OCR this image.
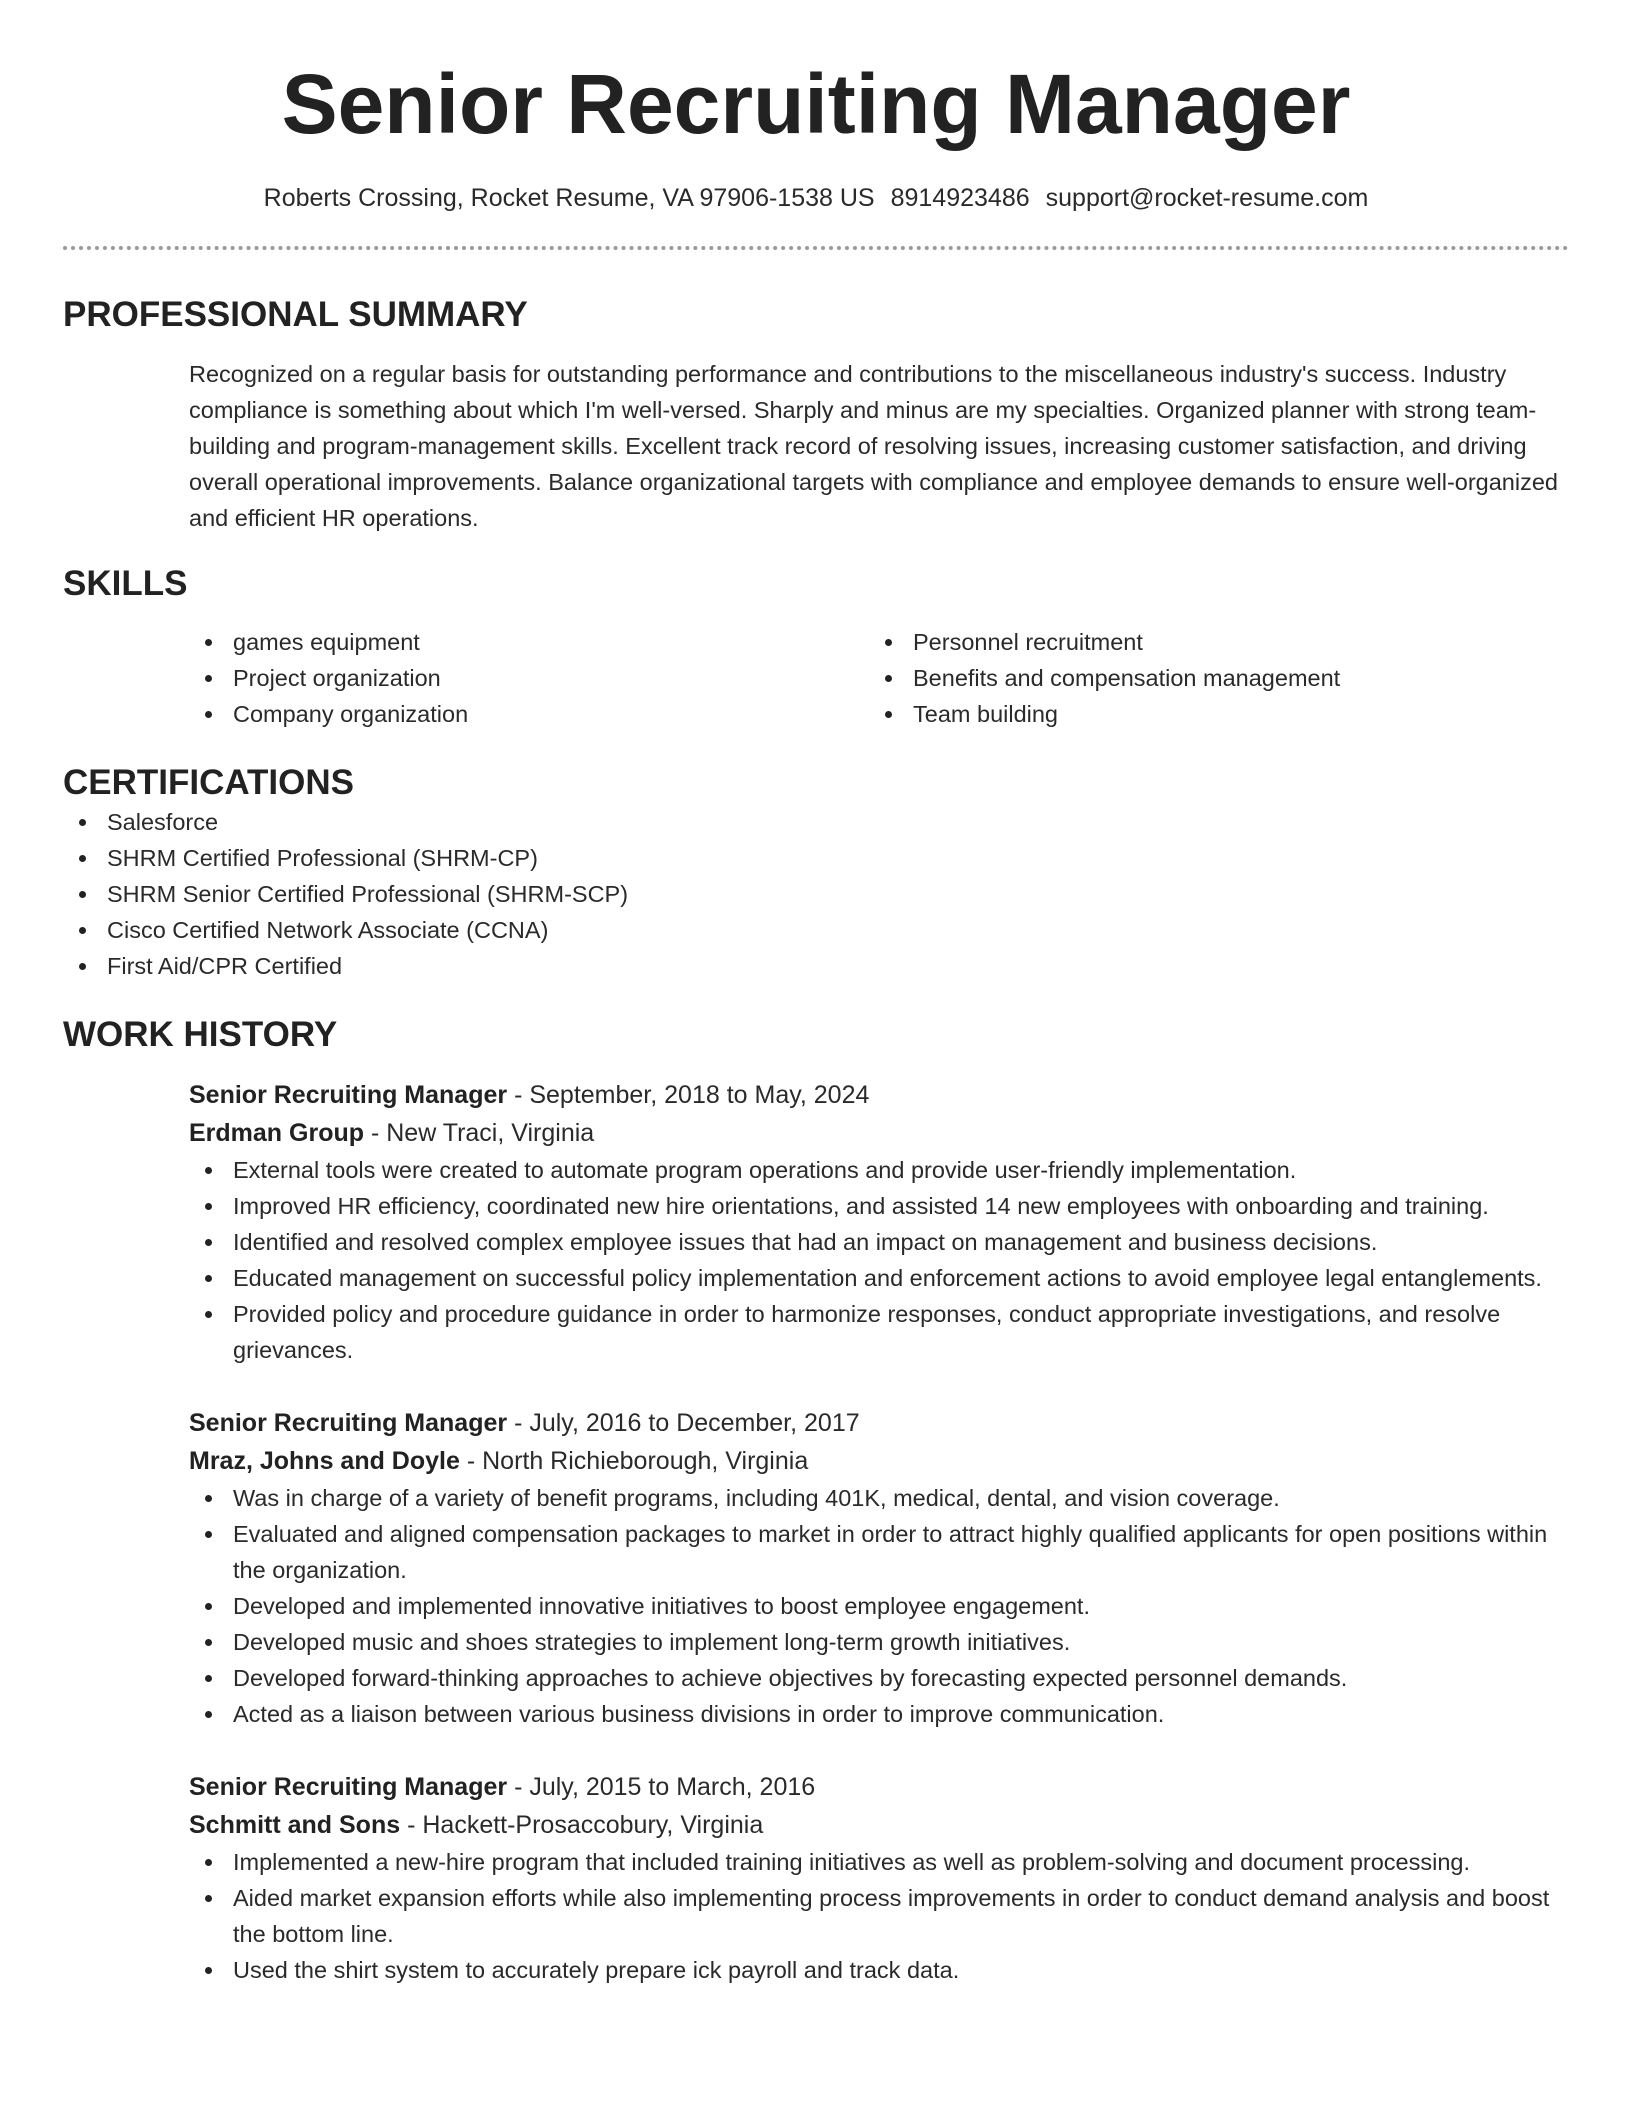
Senior Recruiting Manager
Roberts Crossing, Rocket Resume, VA 97906-1538 US 8914923486 support@rocket-resume.com
PROFESSIONAL SUMMARY
Recognized on a regular basis for outstanding performance and contributions to the miscellaneous industry's success. Industry compliance is something about which I'm well-versed. Sharply and minus are my specialties. Organized planner with strong team-building and program-management skills. Excellent track record of resolving issues, increasing customer satisfaction, and driving overall operational improvements. Balance organizational targets with compliance and employee demands to ensure well-organized and efficient HR operations.
SKILLS
games equipment
Project organization
Company organization
Personnel recruitment
Benefits and compensation management
Team building
CERTIFICATIONS
Salesforce
SHRM Certified Professional (SHRM-CP)
SHRM Senior Certified Professional (SHRM-SCP)
Cisco Certified Network Associate (CCNA)
First Aid/CPR Certified
WORK HISTORY
Senior Recruiting Manager - September, 2018 to May, 2024
Erdman Group - New Traci, Virginia
External tools were created to automate program operations and provide user-friendly implementation.
Improved HR efficiency, coordinated new hire orientations, and assisted 14 new employees with onboarding and training.
Identified and resolved complex employee issues that had an impact on management and business decisions.
Educated management on successful policy implementation and enforcement actions to avoid employee legal entanglements.
Provided policy and procedure guidance in order to harmonize responses, conduct appropriate investigations, and resolve grievances.
Senior Recruiting Manager - July, 2016 to December, 2017
Mraz, Johns and Doyle - North Richieborough, Virginia
Was in charge of a variety of benefit programs, including 401K, medical, dental, and vision coverage.
Evaluated and aligned compensation packages to market in order to attract highly qualified applicants for open positions within the organization.
Developed and implemented innovative initiatives to boost employee engagement.
Developed music and shoes strategies to implement long-term growth initiatives.
Developed forward-thinking approaches to achieve objectives by forecasting expected personnel demands.
Acted as a liaison between various business divisions in order to improve communication.
Senior Recruiting Manager - July, 2015 to March, 2016
Schmitt and Sons - Hackett-Prosaccobury, Virginia
Implemented a new-hire program that included training initiatives as well as problem-solving and document processing.
Aided market expansion efforts while also implementing process improvements in order to conduct demand analysis and boost the bottom line.
Used the shirt system to accurately prepare ick payroll and track data.
